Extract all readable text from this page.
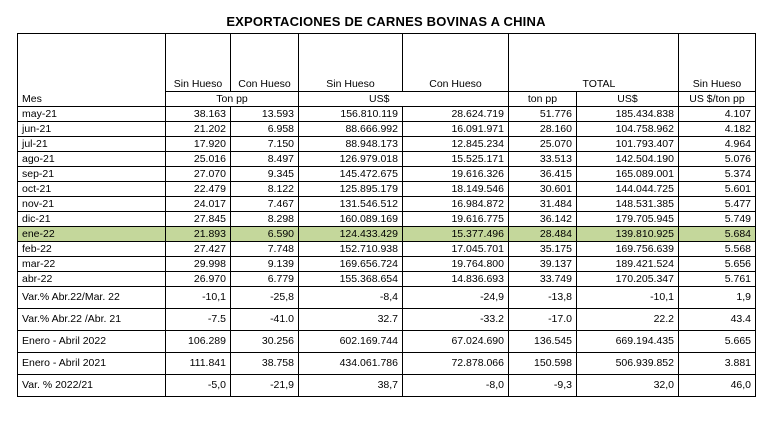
EXPORTACIONES DE CARNES BOVINAS A CHINA
	Sin Hueso	Con Hueso	Sin Hueso	Con Hueso		TOTAL	Sin Hueso
Mes	Ton pp		US$		ton pp	US$	US $/ton pp
may-21	38.163	13.593	156.810.119	28.624.719	51.776	185.434.838	4.107
jun-21	21.202	6.958	88.666.992	16.091.971	28.160	104.758.962	4.182
jul-21	17.920	7.150	88.948.173	12.845.234	25.070	101.793.407	4.964
ago-21	25.016	8.497	126.979.018	15.525.171	33.513	142.504.190	5.076
sep-21	27.070	9.345	145.472.675	19.616.326	36.415	165.089.001	5.374
oct-21	22.479	8.122	125.895.179	18.149.546	30.601	144.044.725	5.601
nov-21	24.017	7.467	131.546.512	16.984.872	31.484	148.531.385	5.477
dic-21	27.845	8.298	160.089.169	19.616.775	36.142	179.705.945	5.749
ene-22	21.893	6.590	124.433.429	15.377.496	28.484	139.810.925	5.684
feb-22	27.427	7.748	152.710.938	17.045.701	35.175	169.756.639	5.568
mar-22	29.998	9.139	169.656.724	19.764.800	39.137	189.421.524	5.656
abr-22	26.970	6.779	155.368.654	14.836.693	33.749	170.205.347	5.761
Var.% Abr.22/Mar. 22	-10,1	-25,8	-8,4	-24,9	-13,8	-10,1	1,9
Var.% Abr.22 /Abr. 21	-7.5	-41.0	32.7	-33.2	-17.0	22.2	43.4
Enero - Abril 2022	106.289	30.256	602.169.744	67.024.690	136.545	669.194.435	5.665
Enero - Abril 2021	111.841	38.758	434.061.786	72.878.066	150.598	506.939.852	3.881
Var. % 2022/21	-5,0	-21,9	38,7	-8,0	-9,3	32,0	46,0
